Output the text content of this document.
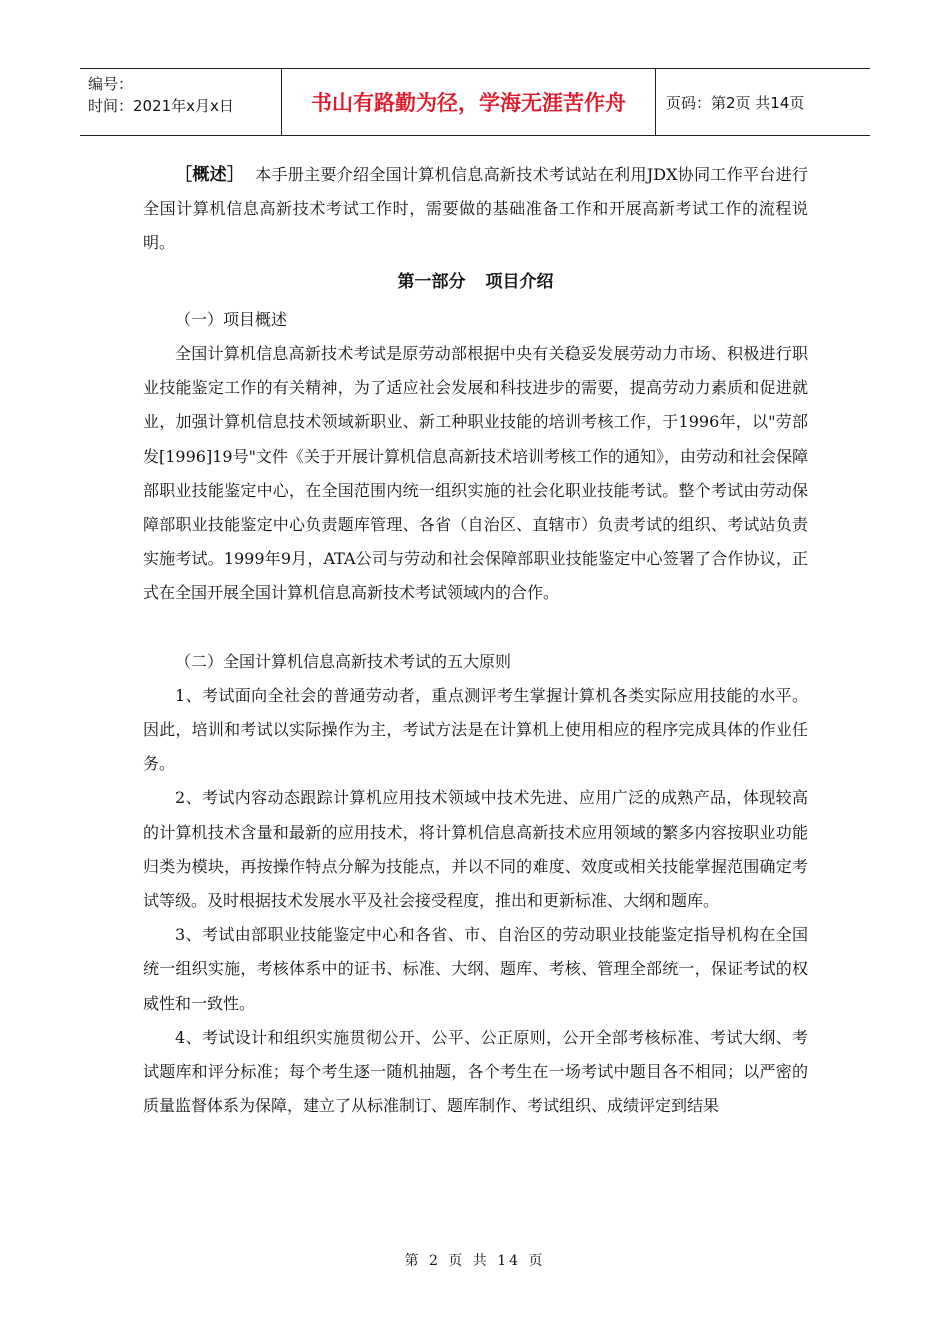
编号：
时间：2021年x月x日	书山有路勤为径，学海无涯苦作舟	页码：第2页 共14页

［概述］ 本手册主要介绍全国计算机信息高新技术考试站在利用JDX协同工作平台进行全国计算机信息高新技术考试工作时，需要做的基础准备工作和开展高新考试工作的流程说明。

第一部分 项目介绍

（一）项目概述

全国计算机信息高新技术考试是原劳动部根据中央有关稳妥发展劳动力市场、积极进行职业技能鉴定工作的有关精神，为了适应社会发展和科技进步的需要，提高劳动力素质和促进就业，加强计算机信息技术领域新职业、新工种职业技能的培训考核工作，于1996年，以"劳部发[1996]19号"文件《关于开展计算机信息高新技术培训考核工作的通知》，由劳动和社会保障部职业技能鉴定中心，在全国范围内统一组织实施的社会化职业技能考试。整个考试由劳动保障部职业技能鉴定中心负责题库管理、各省（自治区、直辖市）负责考试的组织、考试站负责实施考试。1999年9月，ATA公司与劳动和社会保障部职业技能鉴定中心签署了合作协议，正式在全国开展全国计算机信息高新技术考试领域内的合作。

（二）全国计算机信息高新技术考试的五大原则

1、考试面向全社会的普通劳动者，重点测评考生掌握计算机各类实际应用技能的水平。因此，培训和考试以实际操作为主，考试方法是在计算机上使用相应的程序完成具体的作业任务。

2、考试内容动态跟踪计算机应用技术领域中技术先进、应用广泛的成熟产品，体现较高的计算机技术含量和最新的应用技术，将计算机信息高新技术应用领域的繁多内容按职业功能归类为模块，再按操作特点分解为技能点，并以不同的难度、效度或相关技能掌握范围确定考试等级。及时根据技术发展水平及社会接受程度，推出和更新标准、大纲和题库。

3、考试由部职业技能鉴定中心和各省、市、自治区的劳动职业技能鉴定指导机构在全国统一组织实施，考核体系中的证书、标准、大纲、题库、考核、管理全部统一，保证考试的权威性和一致性。

4、考试设计和组织实施贯彻公开、公平、公正原则，公开全部考核标准、考试大纲、考试题库和评分标准；每个考生逐一随机抽题，各个考生在一场考试中题目各不相同；以严密的质量监督体系为保障，建立了从标准制订、题库制作、考试组织、成绩评定到结果

第 2 页 共 14 页
